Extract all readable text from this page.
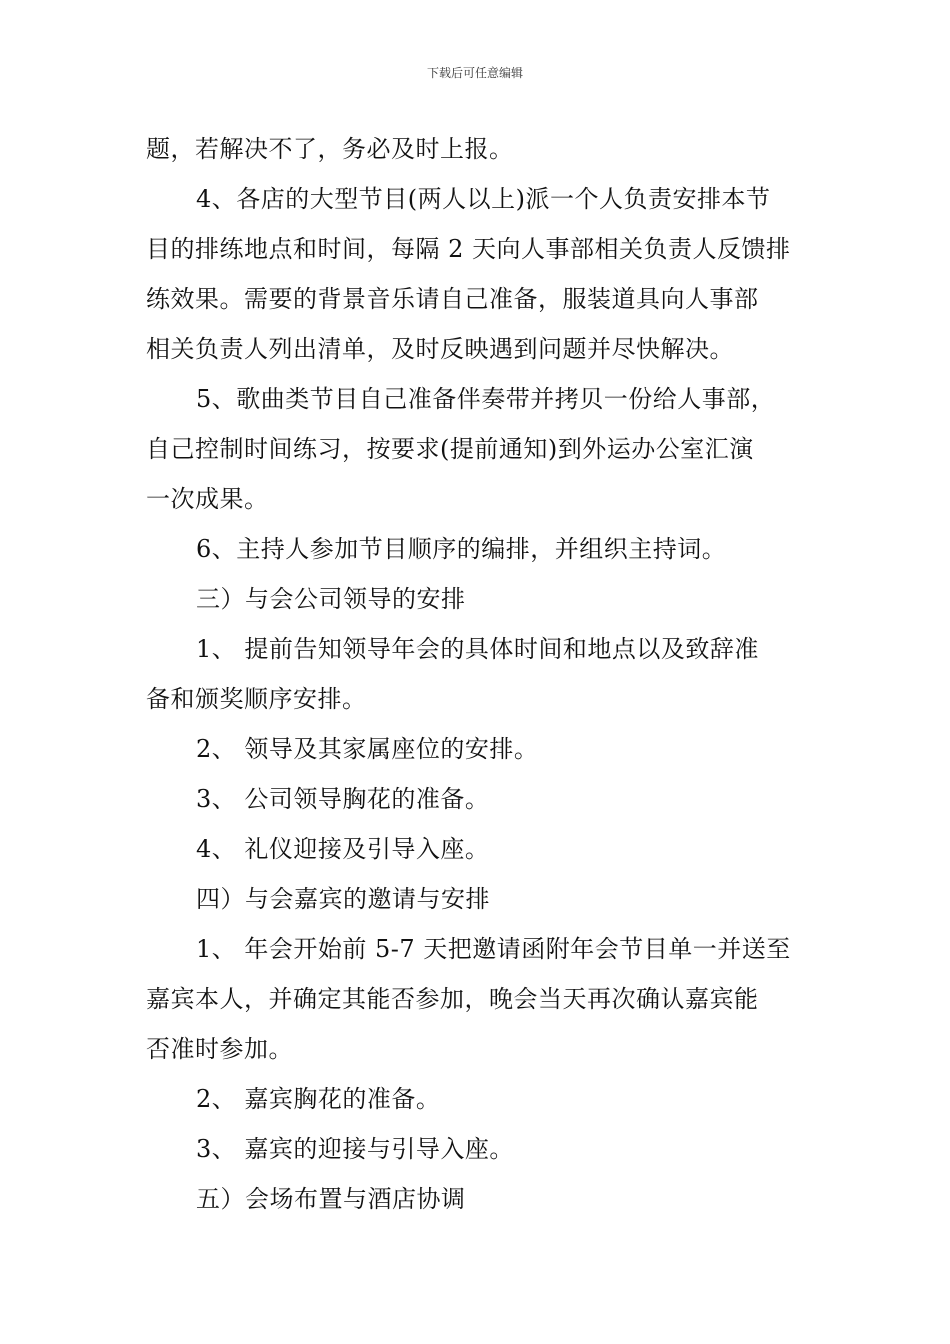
下载后可任意编辑
题，若解决不了，务必及时上报。
4、各店的大型节目(两人以上)派一个人负责安排本节
目的排练地点和时间，每隔 2 天向人事部相关负责人反馈排
练效果。需要的背景音乐请自己准备，服装道具向人事部
相关负责人列出清单，及时反映遇到问题并尽快解决。
5、歌曲类节目自己准备伴奏带并拷贝一份给人事部，
自己控制时间练习，按要求(提前通知)到外运办公室汇演
一次成果。
6、主持人参加节目顺序的编排，并组织主持词。
三）与会公司领导的安排
1、 提前告知领导年会的具体时间和地点以及致辞准
备和颁奖顺序安排。
2、 领导及其家属座位的安排。
3、 公司领导胸花的准备。
4、 礼仪迎接及引导入座。
四）与会嘉宾的邀请与安排
1、 年会开始前 5-7 天把邀请函附年会节目单一并送至
嘉宾本人，并确定其能否参加，晚会当天再次确认嘉宾能
否准时参加。
2、 嘉宾胸花的准备。
3、 嘉宾的迎接与引导入座。
五）会场布置与酒店协调
